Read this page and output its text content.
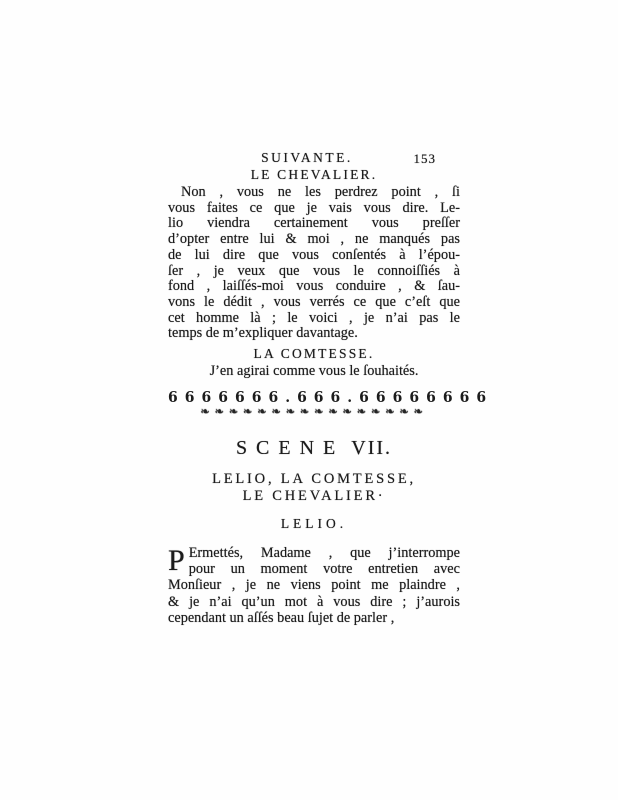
SUIVANTE.	153
LE CHEVALIER.
Non , vous ne les perdrez point , ſi
vous faites ce que je vais vous dire. Le-
lio viendra certainement vous preſſer
d’opter entre lui & moi , ne manqués pas
de lui dire que vous conſentés à l’épou-
ſer , je veux que vous le connoiſſiés à
fond , laiſſés-moi vous conduire , & ſau-
vons le dédit , vous verrés ce que c’eſt que
cet homme là ; le voici , je n’ai pas le
temps de m’expliquer davantage.
LA COMTESSE.
J’en agirai comme vous le ſouhaités.
6666666.666.66666666
❧❧❧❧❧❧❧❧❧❧❧❧❧❧❧❧
SCENE VII.
LELIO, LA COMTESSE,
LE CHEVALIER·
LELIO.
P Ermettés, Madame , que j’interrompe
pour un moment votre entretien avec
Monſieur , je ne viens point me plaindre ,
& je n’ai qu’un mot à vous dire ; j’aurois
cependant un aſſés beau ſujet de parler ,
